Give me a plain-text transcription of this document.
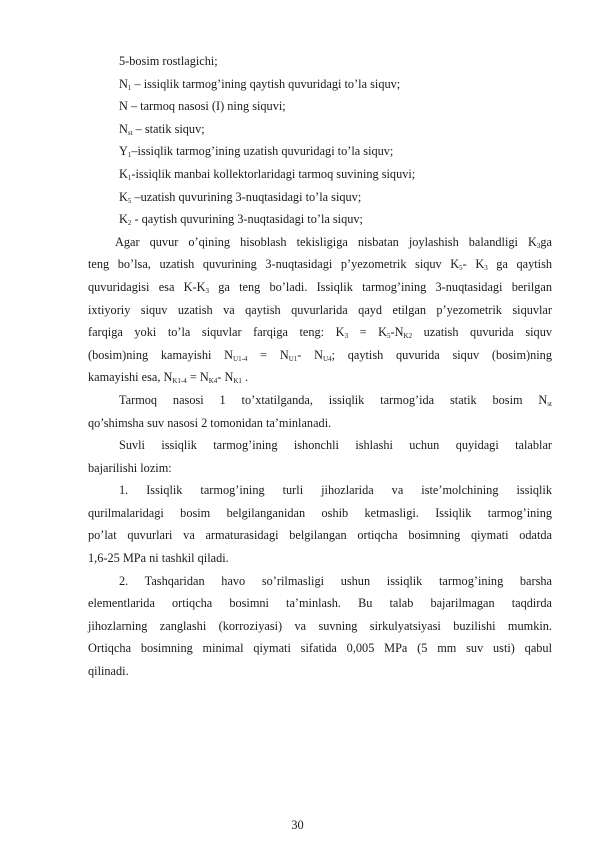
5-bosim rostlagichi;
$N_1$ – issiqlik tarmog’ining qaytish quvuridagi to’la siquv;
N – tarmoq nasosi (I) ning siquvi;
$N_{st}$ – statik siquv;
$Y_1$–issiqlik tarmog’ining uzatish quvuridagi to’la siquv;
$K_1$-issiqlik manbai kollektorlaridagi tarmoq suvining siquvi;
$K_5$ –uzatish quvurining 3-nuqtasidagi to’la siquv;
$K_2$ - qaytish quvurining 3-nuqtasidagi to’la siquv;
Agar quvur o’qining hisoblash tekisligiga nisbatan joylashish balandligi $K_3ga$
teng bo’lsa, uzatish quvurining 3-nuqtasidagi p’yezometrik siquv $K_5-$ $K_3$ ga qaytish
quvuridagisi esa $K-K_3$ ga teng bo’ladi. Issiqlik tarmog’ining 3-nuqtasidagi berilgan
ixtiyoriy siquv uzatish va qaytish quvurlarida qayd etilgan p’yezometrik siquvlar
farqiga yoki to’la siquvlar farqiga teng: $K_3 = K_5-N_{K2}$ uzatish quvurida siquv
(bosim)ning kamayishi $N_{U1-4} = N_{U1}-$ $N_{U4}$; qaytish quvurida siquv (bosim)ning
kamayishi esa, $N_{K1-4} = N_{K4}-$ $N_{K1}$ .
Tarmoq nasosi 1 to’xtatilganda, issiqlik tarmog’ida statik bosim $N_{st}$
qo’shimsha suv nasosi 2 tomonidan ta’minlanadi.
Suvli issiqlik tarmog’ining ishonchli ishlashi uchun quyidagi talablar
bajarilishi lozim:
1. Issiqlik tarmog’ining turli jihozlarida va iste’molchining issiqlik
qurilmalaridagi bosim belgilanganidan oshib ketmasligi. Issiqlik tarmog’ining
po’lat quvurlari va armaturasidagi belgilangan ortiqcha bosimning qiymati odatda
1,6-25 MPa ni tashkil qiladi.
2. Tashqaridan havo so’rilmasligi ushun issiqlik tarmog’ining barsha
elementlarida ortiqcha bosimni ta’minlash. Bu talab bajarilmagan taqdirda
jihozlarning zanglashi (korroziyasi) va suvning sirkulyatsiyasi buzilishi mumkin.
Ortiqcha bosimning minimal qiymati sifatida 0,005 MPa (5 mm suv usti) qabul
qilinadi.
30
